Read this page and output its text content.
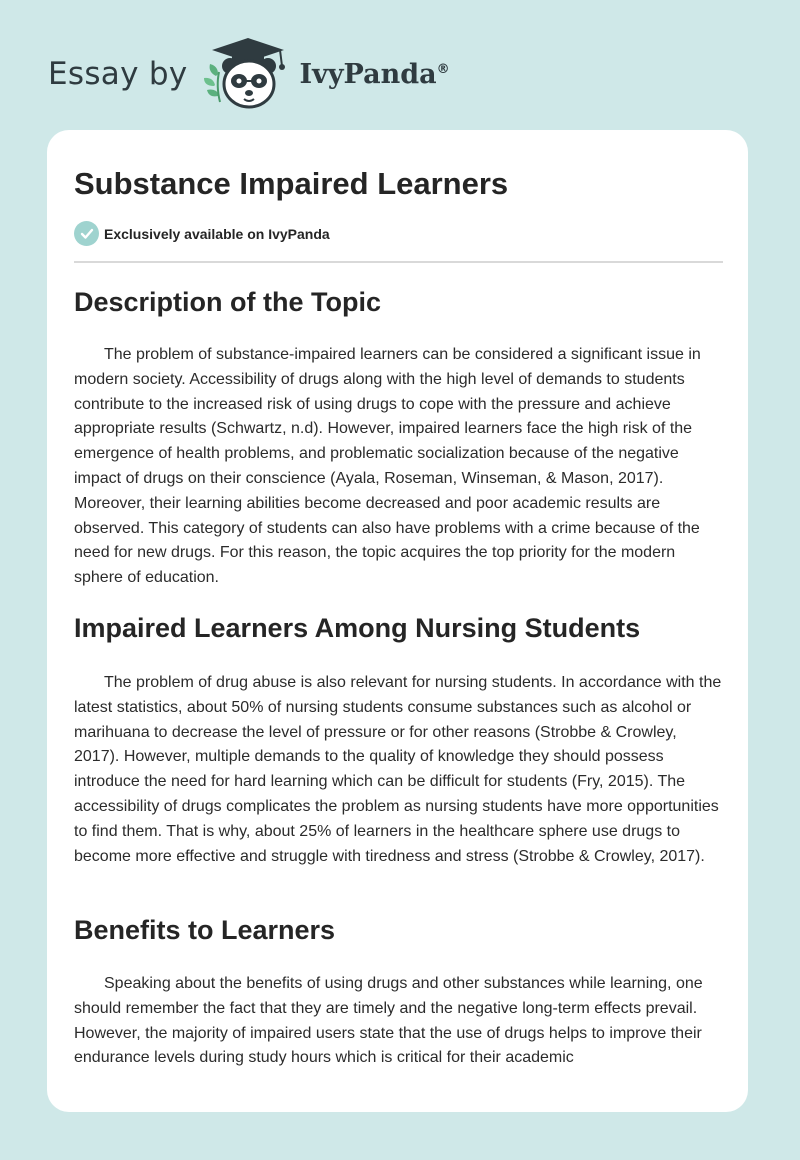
Essay by	IvyPanda®
Substance Impaired Learners
Exclusively available on IvyPanda
Description of the Topic

The problem of substance-impaired learners can be considered a significant issue in modern society. Accessibility of drugs along with the high level of demands to students contribute to the increased risk of using drugs to cope with the pressure and achieve appropriate results (Schwartz, n.d). However, impaired learners face the high risk of the emergence of health problems, and problematic socialization because of the negative impact of drugs on their conscience (Ayala, Roseman, Winseman, & Mason, 2017). Moreover, their learning abilities become decreased and poor academic results are observed. This category of students can also have problems with a crime because of the need for new drugs. For this reason, the topic acquires the top priority for the modern sphere of education.

Impaired Learners Among Nursing Students

The problem of drug abuse is also relevant for nursing students. In accordance with the latest statistics, about 50% of nursing students consume substances such as alcohol or marihuana to decrease the level of pressure or for other reasons (Strobbe & Crowley, 2017). However, multiple demands to the quality of knowledge they should possess introduce the need for hard learning which can be difficult for students (Fry, 2015). The accessibility of drugs complicates the problem as nursing students have more opportunities to find them. That is why, about 25% of learners in the healthcare sphere use drugs to become more effective and struggle with tiredness and stress (Strobbe & Crowley, 2017).

Benefits to Learners

Speaking about the benefits of using drugs and other substances while learning, one should remember the fact that they are timely and the negative long-term effects prevail. However, the majority of impaired users state that the use of drugs helps to improve their endurance levels during study hours which is critical for their academic
